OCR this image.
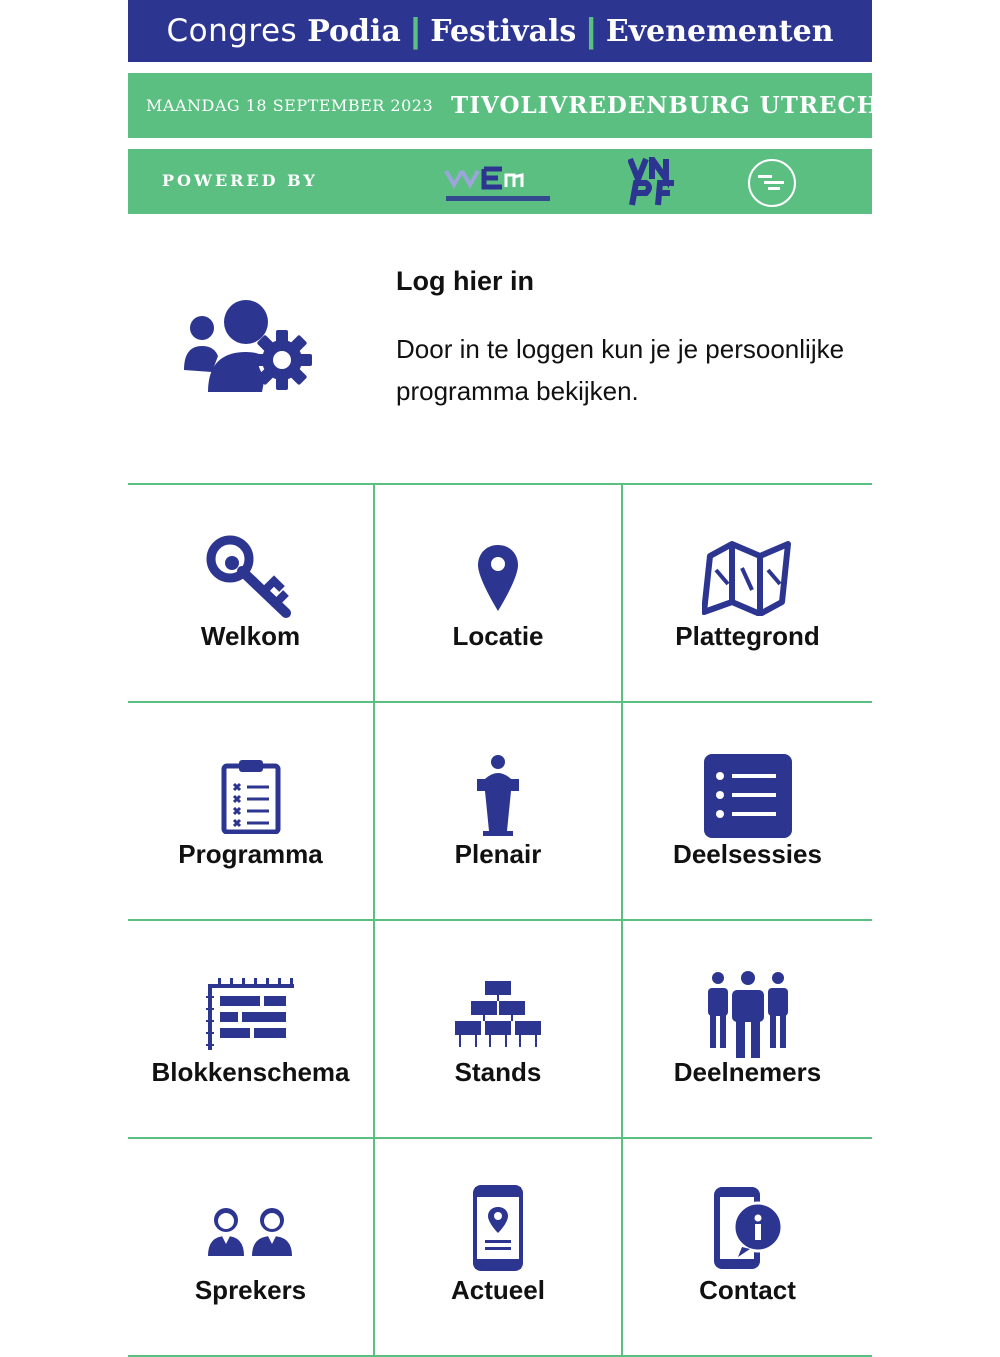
Congres Podia | Festivals | Evenementen
MAANDAG 18 SEPTEMBER 2023 TIVOLIVREDENBURG UTRECHT
POWERED BY
Log hier in
Door in te loggen kun je je persoonlijke programma bekijken.
Welkom	Locatie	Plattegrond
Programma	Plenair	Deelsessies
Blokkenschema	Stands	Deelnemers
Sprekers	Actueel	Contact
